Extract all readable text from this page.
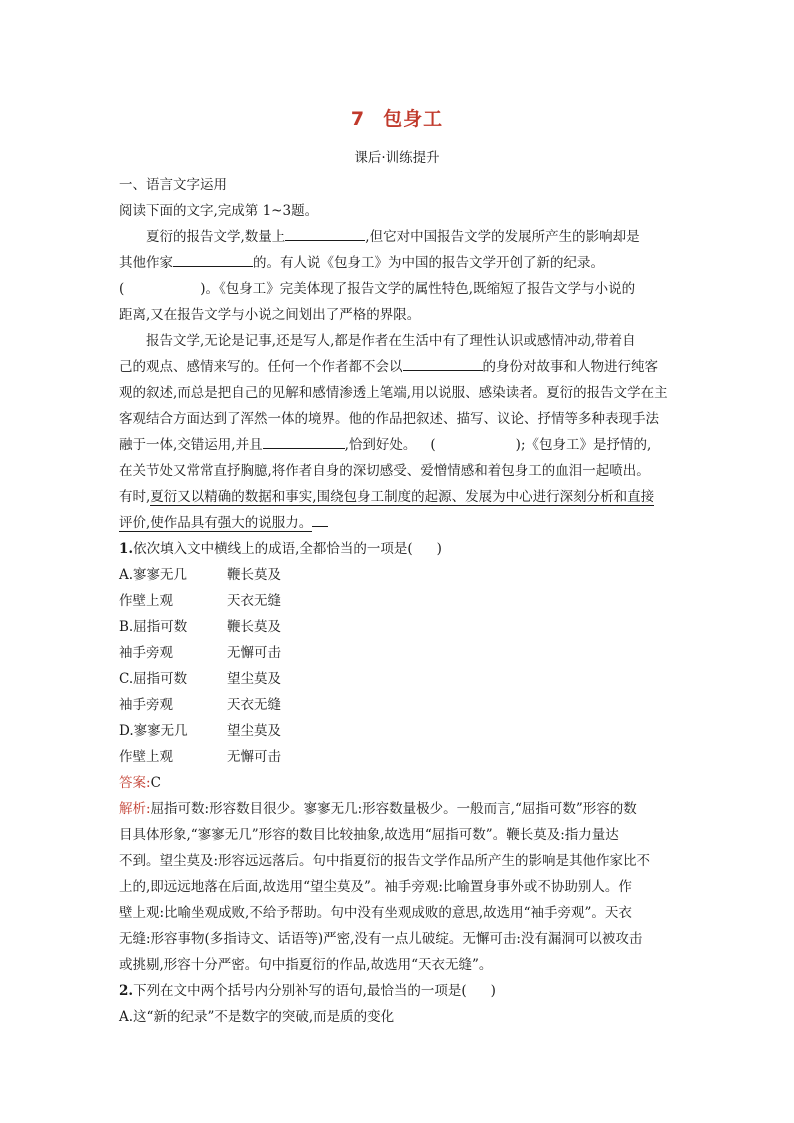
7 包身工
课后·训练提升
一、语言文字运用
阅读下面的文字,完成第 1~3题。
夏衍的报告文学,数量上	,但它对中国报告文学的发展所产生的影响却是
其他作家	的。有人说《包身工》为中国的报告文学开创了新的纪录。
(	)。《包身工》完美体现了报告文学的属性特色,既缩短了报告文学与小说的
距离,又在报告文学与小说之间划出了严格的界限。
报告文学,无论是记事,还是写人,都是作者在生活中有了理性认识或感情冲动,带着自
己的观点、感情来写的。任何一个作者都不会以	的身份对故事和人物进行纯客
观的叙述,而总是把自己的见解和感情渗透上笔端,用以说服、感染读者。夏衍的报告文学在主
客观结合方面达到了浑然一体的境界。他的作品把叙述、描写、议论、抒情等多种表现手法
融于一体,交错运用,并且	,恰到好处。 (	);《包身工》是抒情的,
在关节处又常常直抒胸臆,将作者自身的深切感受、爱憎情感和着包身工的血泪一起喷出。
有时,夏衍又以精确的数据和事实,围绕包身工制度的起源、发展为中心进行深刻分析和直接
评价,使作品具有强大的说服力。
1.依次填入文中横线上的成语,全都恰当的一项是( )
A.寥寥无几	鞭长莫及
作壁上观	天衣无缝
B.屈指可数	鞭长莫及
袖手旁观	无懈可击
C.屈指可数	望尘莫及
袖手旁观	天衣无缝
D.寥寥无几	望尘莫及
作壁上观	无懈可击
答案:C
解析:屈指可数:形容数目很少。寥寥无几:形容数量极少。一般而言,“屈指可数”形容的数
目具体形象,“寥寥无几”形容的数目比较抽象,故选用“屈指可数”。鞭长莫及:指力量达
不到。望尘莫及:形容远远落后。句中指夏衍的报告文学作品所产生的影响是其他作家比不
上的,即远远地落在后面,故选用“望尘莫及”。袖手旁观:比喻置身事外或不协助别人。作
壁上观:比喻坐观成败,不给予帮助。句中没有坐观成败的意思,故选用“袖手旁观”。天衣
无缝:形容事物(多指诗文、话语等)严密,没有一点儿破绽。无懈可击:没有漏洞可以被攻击
或挑剔,形容十分严密。句中指夏衍的作品,故选用“天衣无缝”。
2.下列在文中两个括号内分别补写的语句,最恰当的一项是( )
A.这“新的纪录”不是数字的突破,而是质的变化
